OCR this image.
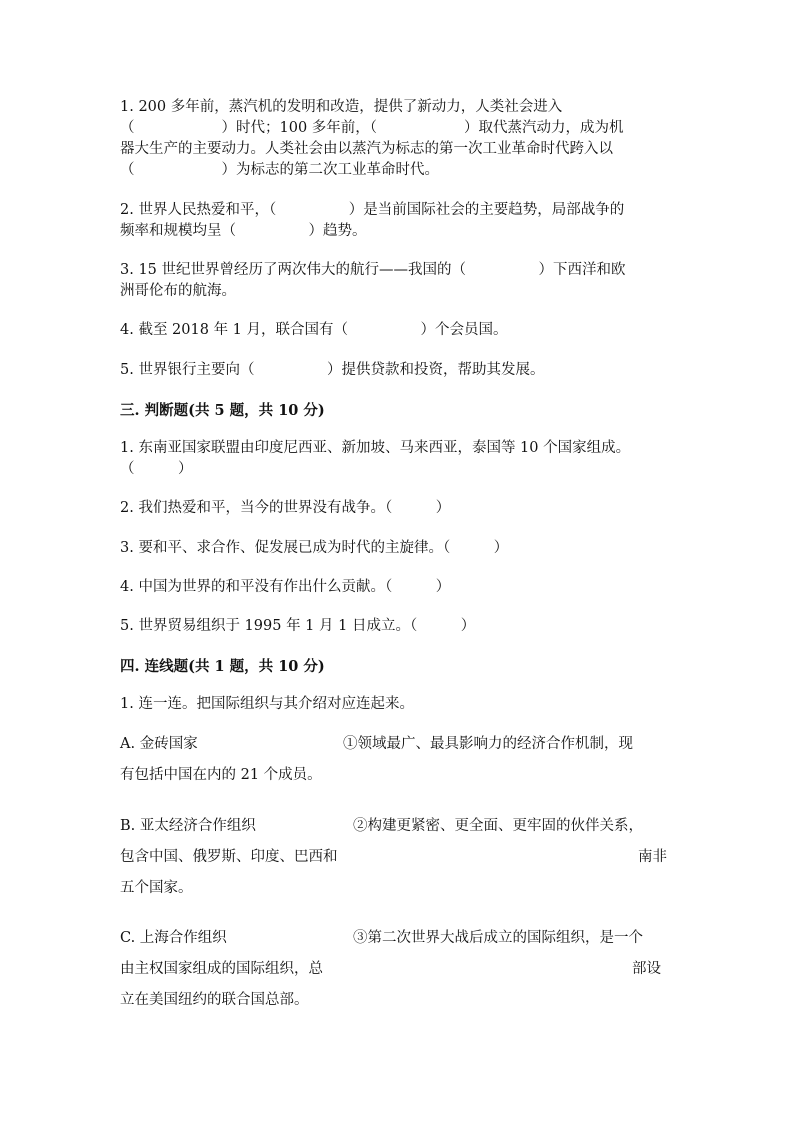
1. 200 多年前，蒸汽机的发明和改造，提供了新动力，人类社会进入

（　　　　　　）时代；100 多年前，（　　　　　　）取代蒸汽动力，成为机

器大生产的主要动力。人类社会由以蒸汽为标志的第一次工业革命时代跨入以

（　　　　　　）为标志的第二次工业革命时代。

2. 世界人民热爱和平，（　　　　　）是当前国际社会的主要趋势，局部战争的

频率和规模均呈（　　　　　）趋势。

3. 15 世纪世界曾经历了两次伟大的航行——我国的（　　　　　）下西洋和欧

洲哥伦布的航海。

4. 截至 2018 年 1 月，联合国有（　　　　　）个会员国。

5. 世界银行主要向（　　　　　）提供贷款和投资，帮助其发展。

三. 判断题(共 5 题，共 10 分)

1. 东南亚国家联盟由印度尼西亚、新加坡、马来西亚，泰国等 10 个国家组成。

（　　　）

2. 我们热爱和平，当今的世界没有战争。（　　　）

3. 要和平、求合作、促发展已成为时代的主旋律。（　　　）

4. 中国为世界的和平没有作出什么贡献。（　　　）

5. 世界贸易组织于 1995 年 1 月 1 日成立。（　　　）

四. 连线题(共 1 题，共 10 分)

1. 连一连。把国际组织与其介绍对应连起来。

A. 金砖国家	①领域最广、最具影响力的经济合作机制，现
有包括中国在内的 21 个成员。
B. 亚太经济合作组织	②构建更紧密、更全面、更牢固的伙伴关系，
包含中国、俄罗斯、印度、巴西和	南非
五个国家。
C. 上海合作组织	③第二次世界大战后成立的国际组织，是一个
由主权国家组成的国际组织，总	部设
立在美国纽约的联合国总部。
